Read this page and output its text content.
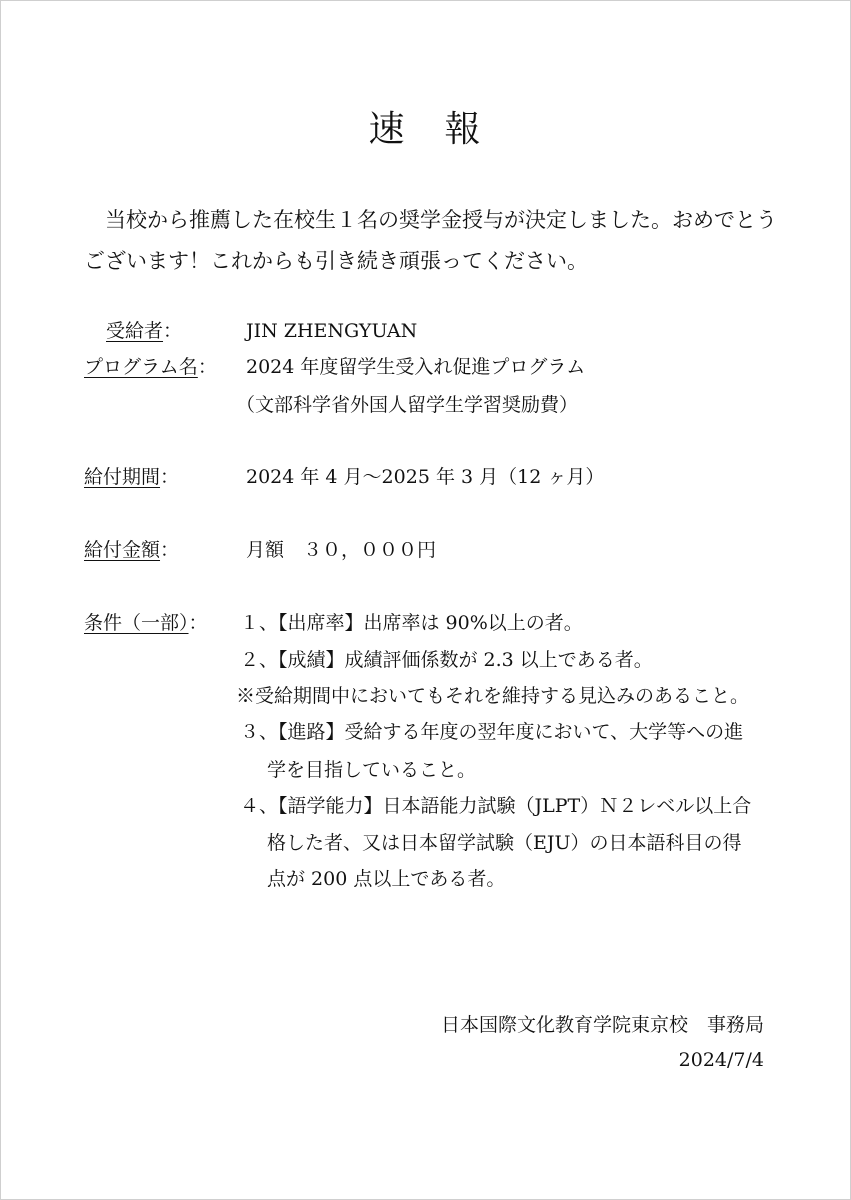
速　報
当校から推薦した在校生１名の奨学金授与が決定しました。おめでとうございます！これからも引き続き頑張ってください。
受給者：	JIN ZHENGYUAN
プログラム名： 2024 年度留学生受入れ促進プログラム
（文部科学省外国人留学生学習奨励費）
給付期間：	2024 年 4 月～2025 年 3 月（12 ヶ月）
給付金額：	月額　３０，０００円
条件（一部）： １、【出席率】出席率は 90%以上の者。
２、【成績】成績評価係数が 2.3 以上である者。
※受給期間中においてもそれを維持する見込みのあること。
３、【進路】受給する年度の翌年度において、大学等への進
学を目指していること。
４、【語学能力】日本語能力試験（JLPT）Ｎ２レベル以上合
格した者、又は日本留学試験（EJU）の日本語科目の得
点が 200 点以上である者。
日本国際文化教育学院東京校　事務局
2024/7/4
